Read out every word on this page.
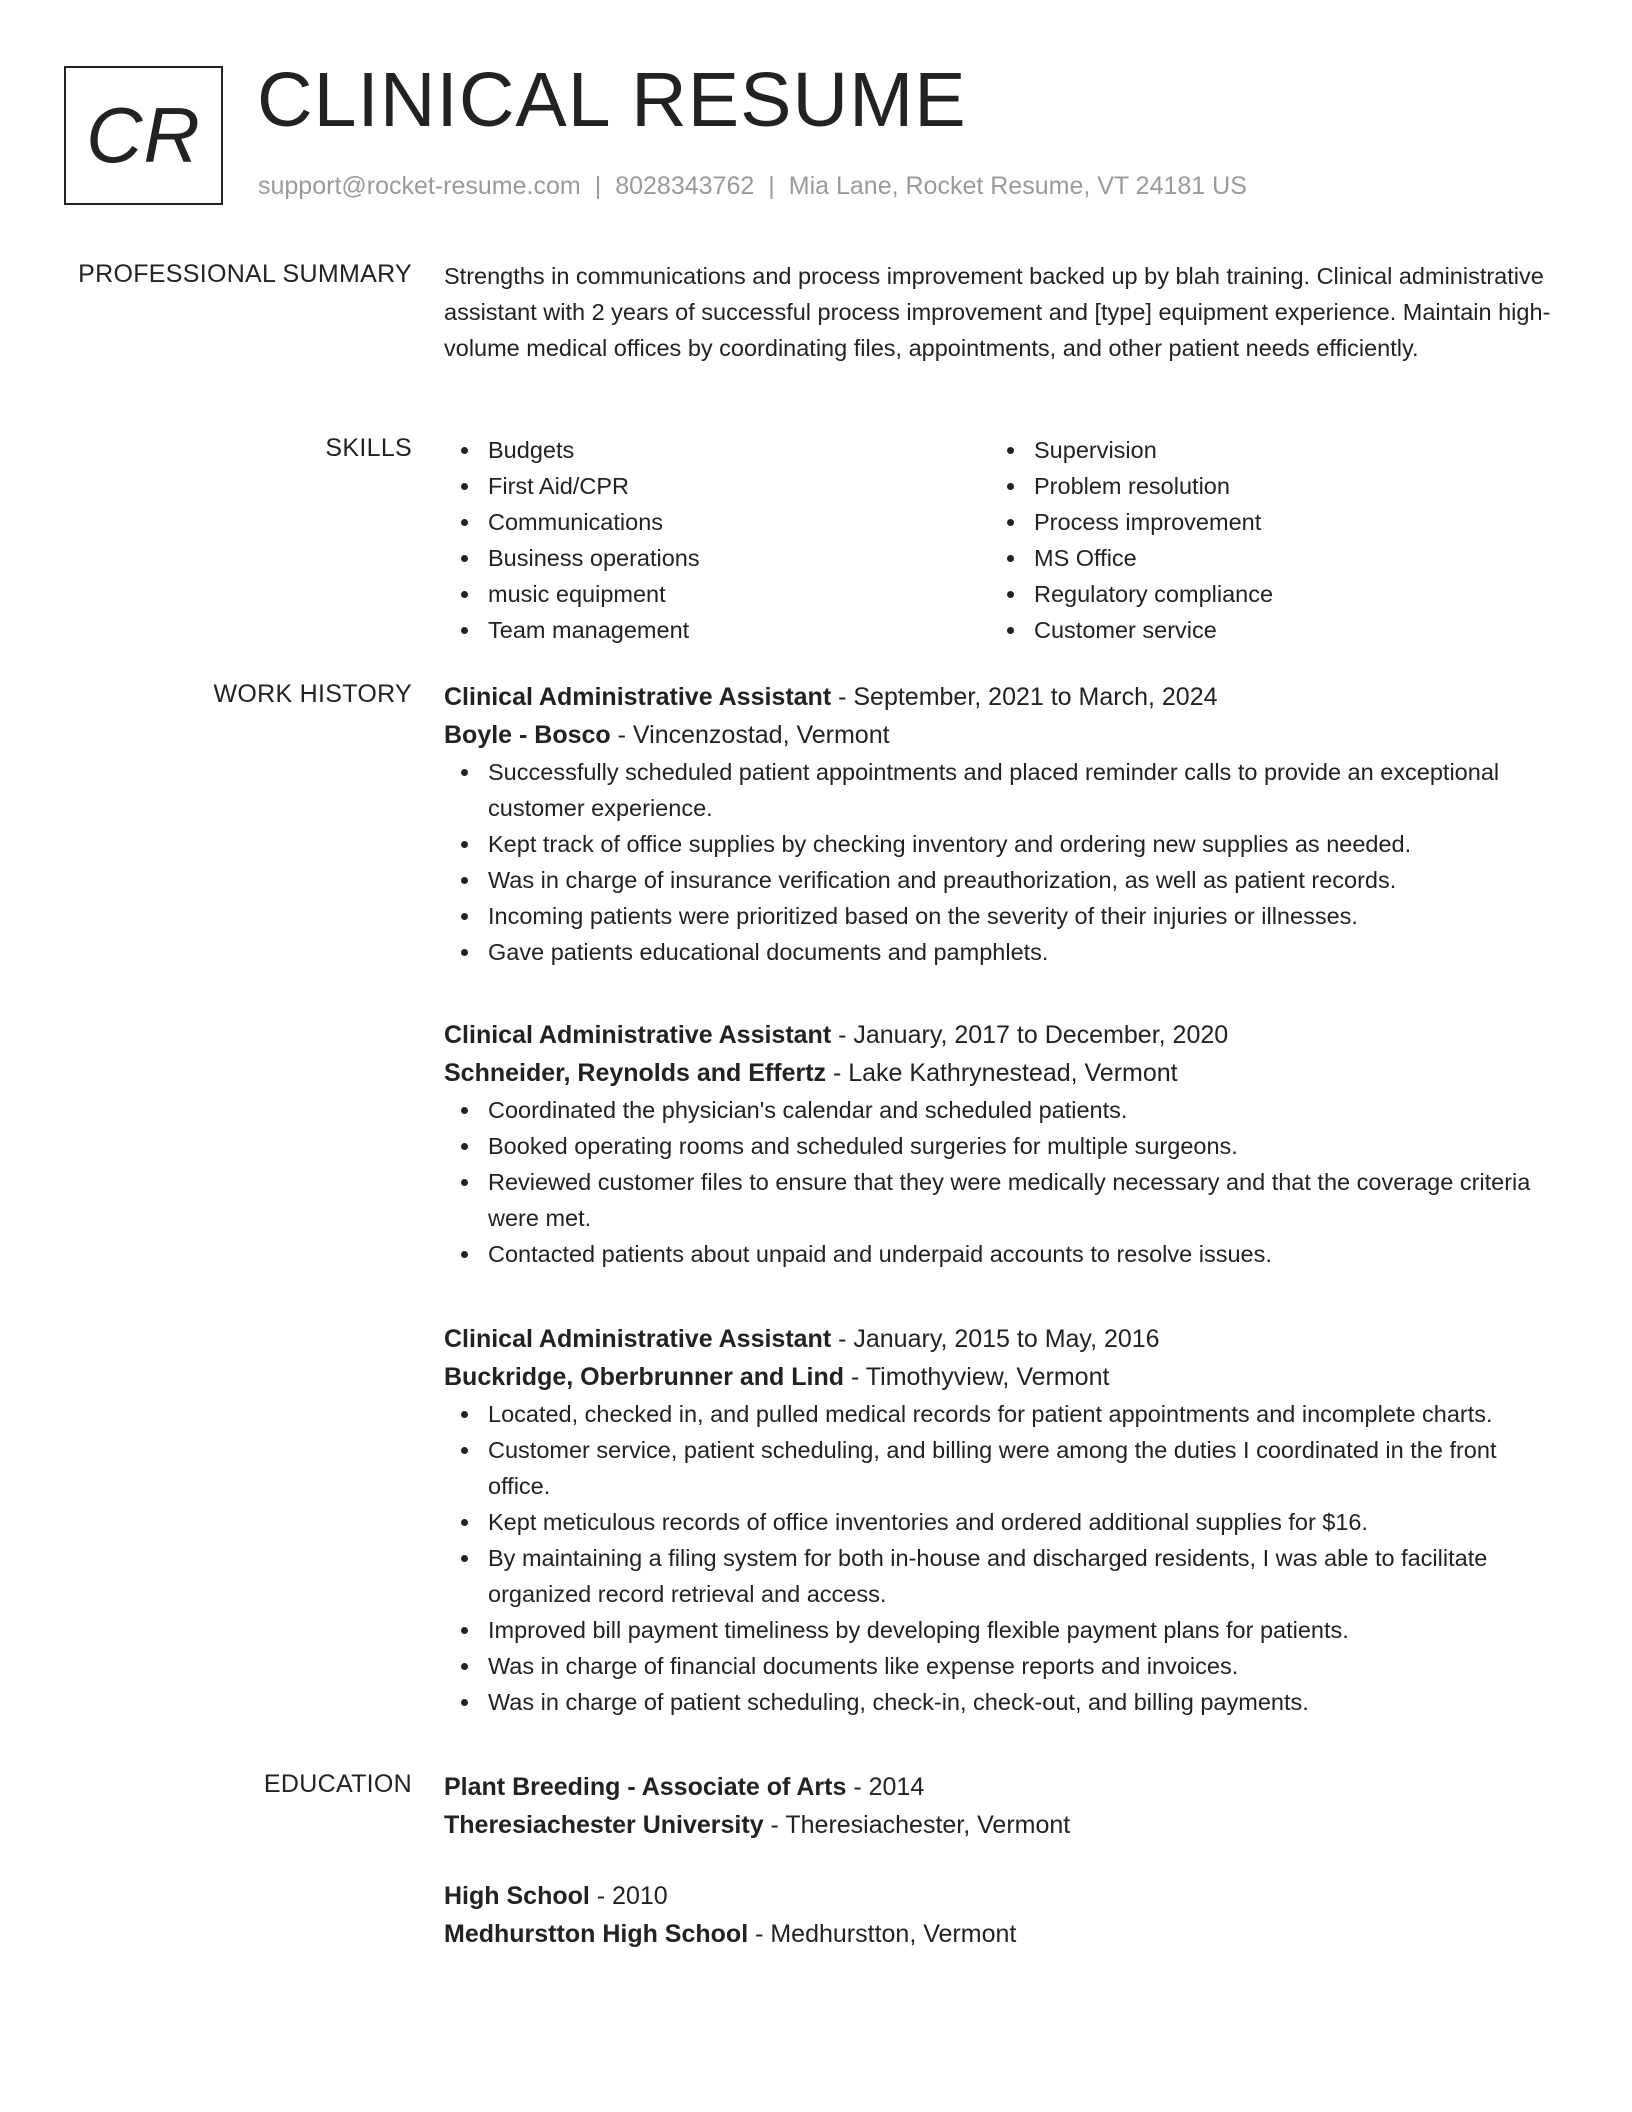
CR CLINICAL RESUME
support@rocket-resume.com | 8028343762 | Mia Lane, Rocket Resume, VT 24181 US
PROFESSIONAL SUMMARY Strengths in communications and process improvement backed up by blah training. Clinical administrative assistant with 2 years of successful process improvement and [type] equipment experience. Maintain high-volume medical offices by coordinating files, appointments, and other patient needs efficiently.

SKILLS	Budgets
First Aid/CPR
Communications
Business operations
music equipment
Team management
Supervision
Problem resolution
Process improvement
MS Office
Regulatory compliance
Customer service
WORK HISTORY Clinical Administrative Assistant - September, 2021 to March, 2024
Boyle - Bosco - Vincenzostad, Vermont
Successfully scheduled patient appointments and placed reminder calls to provide an exceptional customer experience.
Kept track of office supplies by checking inventory and ordering new supplies as needed.
Was in charge of insurance verification and preauthorization, as well as patient records.
Incoming patients were prioritized based on the severity of their injuries or illnesses.
Gave patients educational documents and pamphlets.
Clinical Administrative Assistant - January, 2017 to December, 2020
Schneider, Reynolds and Effertz - Lake Kathrynestead, Vermont
Coordinated the physician's calendar and scheduled patients.
Booked operating rooms and scheduled surgeries for multiple surgeons.
Reviewed customer files to ensure that they were medically necessary and that the coverage criteria were met.
Contacted patients about unpaid and underpaid accounts to resolve issues.
Clinical Administrative Assistant - January, 2015 to May, 2016
Buckridge, Oberbrunner and Lind - Timothyview, Vermont
Located, checked in, and pulled medical records for patient appointments and incomplete charts.
Customer service, patient scheduling, and billing were among the duties I coordinated in the front office.
Kept meticulous records of office inventories and ordered additional supplies for $16.
By maintaining a filing system for both in-house and discharged residents, I was able to facilitate organized record retrieval and access.
Improved bill payment timeliness by developing flexible payment plans for patients.
Was in charge of financial documents like expense reports and invoices.
Was in charge of patient scheduling, check-in, check-out, and billing payments.
EDUCATION Plant Breeding - Associate of Arts - 2014
Theresiachester University - Theresiachester, Vermont
High School - 2010
Medhurstton High School - Medhurstton, Vermont
